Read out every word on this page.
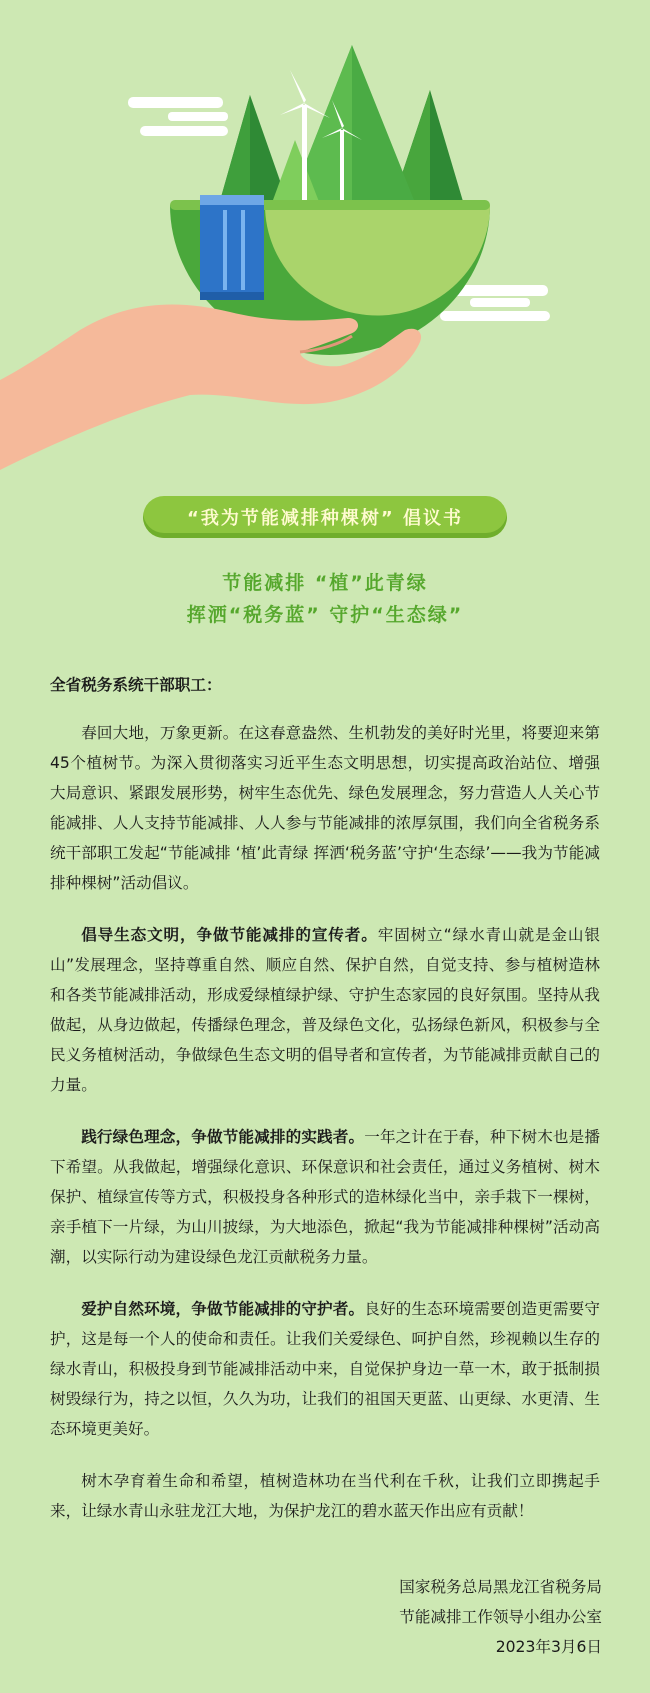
“我为节能减排种棵树” 倡议书
节能减排 “植”此青绿
挥洒“税务蓝” 守护“生态绿”

全省税务系统干部职工：

春回大地，万象更新。在这春意盎然、生机勃发的美好时光里，将要迎来第45个植树节。为深入贯彻落实习近平生态文明思想，切实提高政治站位、增强大局意识、紧跟发展形势，树牢生态优先、绿色发展理念，努力营造人人关心节能减排、人人支持节能减排、人人参与节能减排的浓厚氛围，我们向全省税务系统干部职工发起“节能减排 ‘植’此青绿 挥洒‘税务蓝’守护‘生态绿’——我为节能减排种棵树”活动倡议。

倡导生态文明，争做节能减排的宣传者。牢固树立“绿水青山就是金山银山”发展理念，坚持尊重自然、顺应自然、保护自然，自觉支持、参与植树造林和各类节能减排活动，形成爱绿植绿护绿、守护生态家园的良好氛围。坚持从我做起，从身边做起，传播绿色理念，普及绿色文化，弘扬绿色新风，积极参与全民义务植树活动，争做绿色生态文明的倡导者和宣传者，为节能减排贡献自己的力量。

践行绿色理念，争做节能减排的实践者。一年之计在于春，种下树木也是播下希望。从我做起，增强绿化意识、环保意识和社会责任，通过义务植树、树木保护、植绿宣传等方式，积极投身各种形式的造林绿化当中，亲手栽下一棵树，亲手植下一片绿，为山川披绿，为大地添色，掀起“我为节能减排种棵树”活动高潮，以实际行动为建设绿色龙江贡献税务力量。

爱护自然环境，争做节能减排的守护者。良好的生态环境需要创造更需要守护，这是每一个人的使命和责任。让我们关爱绿色、呵护自然，珍视赖以生存的绿水青山，积极投身到节能减排活动中来，自觉保护身边一草一木，敢于抵制损树毁绿行为，持之以恒，久久为功，让我们的祖国天更蓝、山更绿、水更清、生态环境更美好。

树木孕育着生命和希望，植树造林功在当代利在千秋，让我们立即携起手来，让绿水青山永驻龙江大地，为保护龙江的碧水蓝天作出应有贡献！

国家税务总局黑龙江省税务局
节能减排工作领导小组办公室
2023年3月6日
